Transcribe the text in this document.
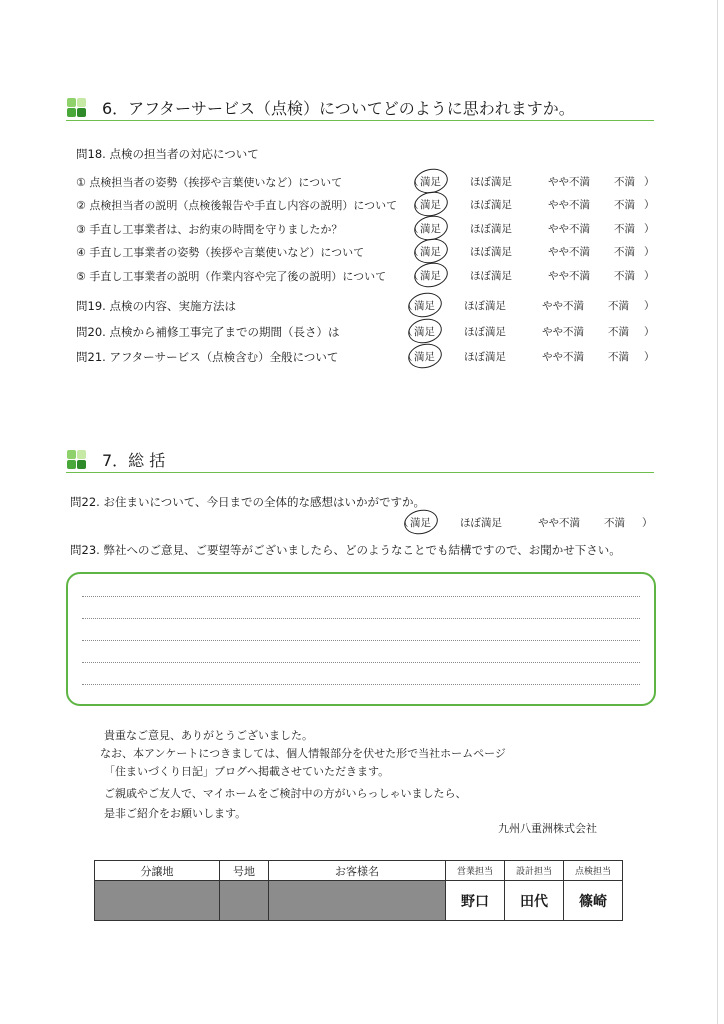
6．アフターサービス（点検）についてどのように思われますか。
問18. 点検の担当者の対応について
① 点検担当者の姿勢（挨拶や言葉使いなど）について	（ 満足	ほぼ満足	やや不満 不満 ）
② 点検担当者の説明（点検後報告や手直し内容の説明）について （ 満足	ほぼ満足	やや不満 不満 ）
③ 手直し工事業者は、お約束の時間を守りましたか？	（ 満足	ほぼ満足	やや不満 不満 ）
④ 手直し工事業者の姿勢（挨拶や言葉使いなど）について	（ 満足	ほぼ満足	やや不満 不満 ）
⑤ 手直し工事業者の説明（作業内容や完了後の説明）について （ 満足	ほぼ満足	やや不満 不満 ）
問19. 点検の内容、実施方法は	（ 満足	ほぼ満足	やや不満 不満 ）
問20. 点検から補修工事完了までの期間（長さ）は	（ 満足	ほぼ満足	やや不満 不満 ）
問21. アフターサービス（点検含む）全般について	（ 満足	ほぼ満足	やや不満 不満 ）
7．総 括
問22. お住まいについて、今日までの全体的な感想はいかがですか。
（ 満足	ほぼ満足	やや不満 不満 ）
問23. 弊社へのご意見、ご要望等がございましたら、どのようなことでも結構ですので、お聞かせ下さい。
貴重なご意見、ありがとうございました。
なお、本アンケートにつきましては、個人情報部分を伏せた形で当社ホームページ
「住まいづくり日記」ブログへ掲載させていただきます。
ご親戚やご友人で、マイホームをご検討中の方がいらっしゃいましたら、
是非ご紹介をお願いします。
九州八重洲株式会社
分譲地	号地	お客様名	営業担当	設計担当	点検担当
			野口	田代	篠崎
